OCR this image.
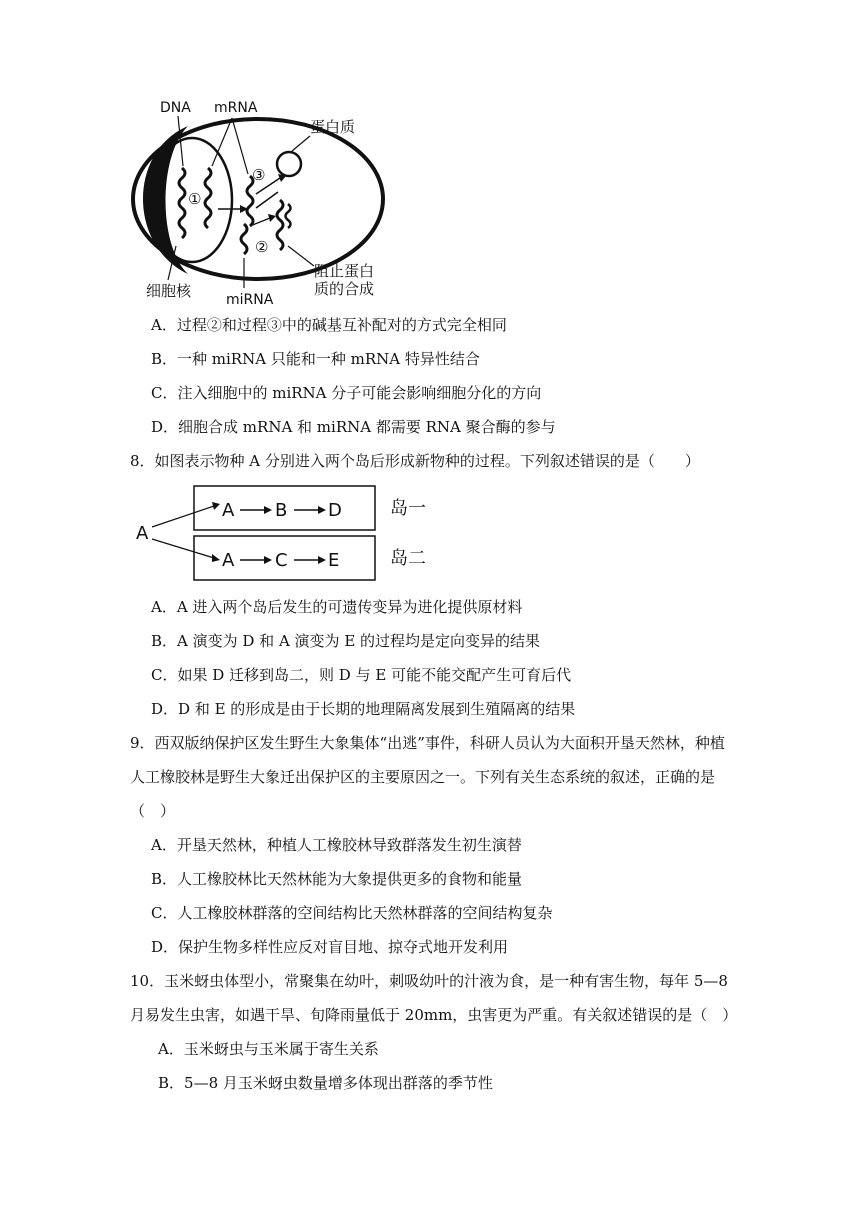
DNA mRNA
①
③
蛋白质
②
细胞核 miRNA
阻止蛋白
质的合成
A．过程②和过程③中的碱基互补配对的方式完全相同
B．一种 miRNA 只能和一种 mRNA 特异性结合
C．注入细胞中的 miRNA 分子可能会影响细胞分化的方向
D．细胞合成 mRNA 和 miRNA 都需要 RNA 聚合酶的参与
8．如图表示物种 A 分别进入两个岛后形成新物种的过程。下列叙述错误的是（　　）
A
A B D
A C E
岛一
岛二
A．A 进入两个岛后发生的可遗传变异为进化提供原材料
B．A 演变为 D 和 A 演变为 E 的过程均是定向变异的结果
C．如果 D 迁移到岛二，则 D 与 E 可能不能交配产生可育后代
D．D 和 E 的形成是由于长期的地理隔离发展到生殖隔离的结果
9．西双版纳保护区发生野生大象集体“出逃”事件，科研人员认为大面积开垦天然林，种植
人工橡胶林是野生大象迁出保护区的主要原因之一。下列有关生态系统的叙述，正确的是
（　）
A．开垦天然林，种植人工橡胶林导致群落发生初生演替
B．人工橡胶林比天然林能为大象提供更多的食物和能量
C．人工橡胶林群落的空间结构比天然林群落的空间结构复杂
D．保护生物多样性应反对盲目地、掠夺式地开发利用
10．玉米蚜虫体型小，常聚集在幼叶，刺吸幼叶的汁液为食，是一种有害生物，每年 5—8
月易发生虫害，如遇干旱、旬降雨量低于 20mm，虫害更为严重。有关叙述错误的是（　）
A．玉米蚜虫与玉米属于寄生关系
B．5—8 月玉米蚜虫数量增多体现出群落的季节性
